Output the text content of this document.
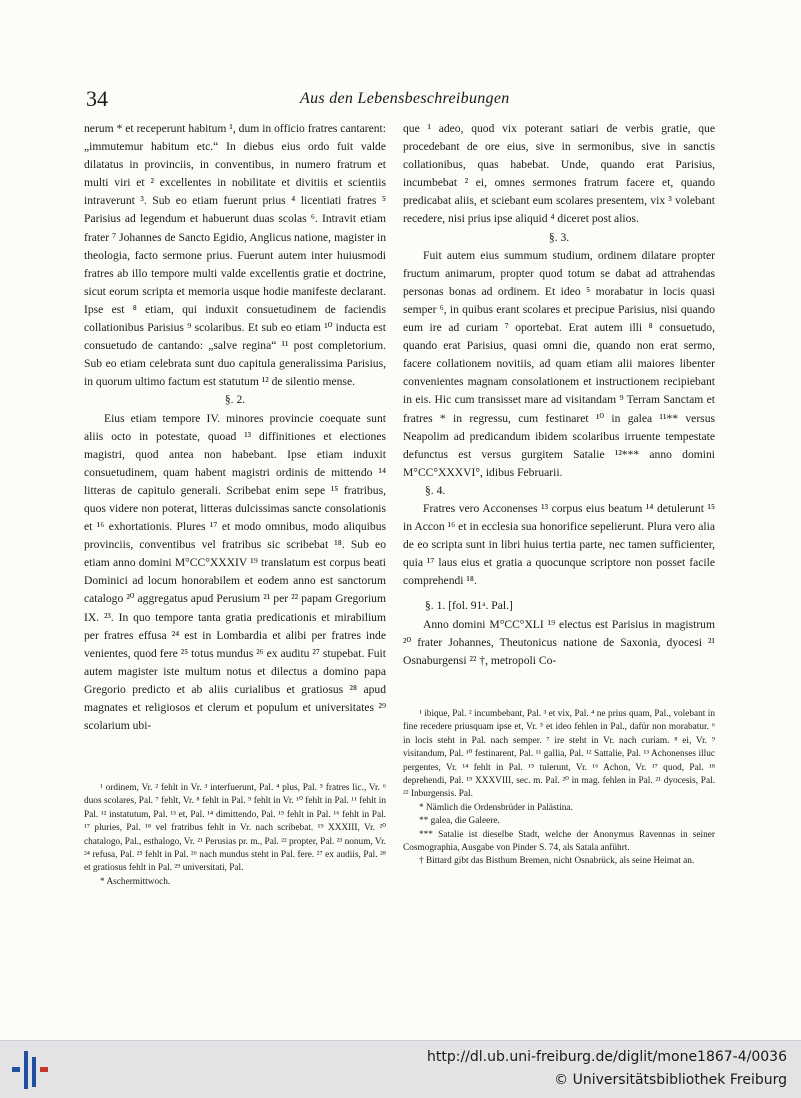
34	Aus den Lebensbeschreibungen

nerum * et receperunt habitum ¹, dum in officio fratres cantarent: „immutemur habitum etc.“ In diebus eius ordo fuit valde dilatatus in provinciis, in conventibus, in numero fratrum et multi viri et ² excellentes in nobilitate et divitiis et scientiis intraverunt ³. Sub eo etiam fuerunt prius ⁴ licentiati fratres ⁵ Parisius ad legendum et habuerunt duas scolas ⁶. Intravit etiam frater ⁷ Johannes de Sancto Egidio, Anglicus natione, magister in theologia, facto sermone prius. Fuerunt autem inter huiusmodi fratres ab illo tempore multi valde excellentis gratie et doctrine, sicut eorum scripta et memoria usque hodie manifeste declarant. Ipse est ⁸ etiam, qui induxit consuetudinem de faciendis collationibus Parisius ⁹ scolaribus. Et sub eo etiam ¹⁰ inducta est consuetudo de cantando: „salve regina“ ¹¹ post completorium. Sub eo etiam celebrata sunt duo capitula generalissima Parisius, in quorum ultimo factum est statutum ¹² de silentio mense.

§. 2.

Eius etiam tempore IV. minores provincie coequate sunt aliis octo in potestate, quoad ¹³ diffinitiones et electiones magistri, quod antea non habebant. Ipse etiam induxit consuetudinem, quam habent magistri ordinis de mittendo ¹⁴ litteras de capitulo generali. Scribebat enim sepe ¹⁵ fratribus, quos videre non poterat, litteras dulcissimas sancte consolationis et ¹⁶ exhortationis. Plures ¹⁷ et modo omnibus, modo aliquibus provinciis, conventibus vel fratribus sic scribebat ¹⁸. Sub eo etiam anno domini M°CC°XXXIV ¹⁹ translatum est corpus beati Dominici ad locum honorabilem et eodem anno est sanctorum catalogo ²⁰ aggregatus apud Perusium ²¹ per ²² papam Gregorium IX. ²³. In quo tempore tanta gratia predicationis et mirabilium per fratres effusa ²⁴ est in Lombardia et alibi per fratres inde venientes, quod fere ²⁵ totus mundus ²⁶ ex auditu ²⁷ stupebat. Fuit autem magister iste multum notus et dilectus a domino papa Gregorio predicto et ab aliis curialibus et gratiosus ²⁸ apud magnates et religiosos et clerum et populum et universitates ²⁹ scolarium ubi-

que ¹ adeo, quod vix poterant satiari de verbis gratie, que procedebant de ore eius, sive in sermonibus, sive in sanctis collationibus, quas habebat. Unde, quando erat Parisius, incumbebat ² ei, omnes sermones fratrum facere et, quando predicabat aliis, et sciebant eum scolares presentem, vix ³ volebant recedere, nisi prius ipse aliquid ⁴ diceret post alios.

§. 3.

Fuit autem eius summum studium, ordinem dilatare propter fructum animarum, propter quod totum se dabat ad attrahendas personas bonas ad ordinem. Et ideo ⁵ morabatur in locis quasi semper ⁶, in quibus erant scolares et precipue Parisius, nisi quando eum ire ad curiam ⁷ oportebat. Erat autem illi ⁸ consuetudo, quando erat Parisius, quasi omni die, quando non erat sermo, facere collationem novitiis, ad quam etiam alii maiores libenter convenientes magnam consolationem et instructionem recipiebant in eis. Hic cum transisset mare ad visitandam ⁹ Terram Sanctam et fratres * in regressu, cum festinaret ¹⁰ in galea ¹¹** versus Neapolim ad predicandum ibidem scolaribus irruente tempestate defunctus est versus gurgitem Satalie ¹²*** anno domini M°CC°XXXVI°, idibus Februarii.

§. 4.

Fratres vero Acconenses ¹³ corpus eius beatum ¹⁴ detulerunt ¹⁵ in Accon ¹⁶ et in ecclesia sua honorifice sepelierunt. Plura vero alia de eo scripta sunt in libri huius tertia parte, nec tamen sufficienter, quia ¹⁷ laus eius et gratia a quocunque scriptore non posset facile comprehendi ¹⁸.

§. 1. [fol. 91ᵃ. Pal.]

Anno domini M°CC°XLI ¹⁹ electus est Parisius in magistrum ²⁰ frater Johannes, Theutonicus natione de Saxonia, dyocesi ²¹ Osnaburgensi ²² †, metropoli Co-

¹ ordinem, Vr. ² fehlt in Vr. ³ interfuerunt, Pal. ⁴ plus, Pal. ⁵ fratres lic., Vr. ⁶ duos scolares, Pal. ⁷ fehlt, Vr. ⁸ fehlt in Pal. ⁹ fehlt in Vr. ¹⁰ fehlt in Pal. ¹¹ fehlt in Pal. ¹² instatutum, Pal. ¹³ et, Pal. ¹⁴ dimittendo, Pal. ¹⁵ fehlt in Pal. ¹⁶ fehlt in Pal. ¹⁷ pluries, Pal. ¹⁸ vel fratribus fehlt in Vr. nach scribebat. ¹⁹ XXXIII, Vr. ²⁰ chatalogo, Pal., esthalogo, Vr. ²¹ Perusias pr. m., Pal. ²² propter, Pal. ²³ nonum, Vr. ²⁴ refusa, Pal. ²⁵ fehlt in Pal. ²⁶ nach mundus steht in Pal. fere. ²⁷ ex audiis, Pal. ²⁸ et gratiosus fehlt in Pal. ²⁹ universitati, Pal.

* Aschermittwoch.

¹ ibique, Pal. ² incumbebant, Pal. ³ et vix, Pal. ⁴ ne prius quam, Pal., volebant in fine recedere priusquam ipse et, Vr. ⁵ et ideo fehlen in Pal., dafür non morabatur. ⁶ in locis steht in Pal. nach semper. ⁷ ire steht in Vr. nach curiam. ⁸ ei, Vr. ⁹ visitandum, Pal. ¹⁰ festinarent, Pal. ¹¹ gallia, Pal. ¹² Sattalie, Pal. ¹³ Achonenses illuc pergentes, Vr. ¹⁴ fehlt in Pal. ¹⁵ tulerunt, Vr. ¹⁶ Achon, Vr. ¹⁷ quod, Pal. ¹⁸ deprehendi, Pal. ¹⁹ XXXVIII, sec. m. Pal. ²⁰ in mag. fehlen in Pal. ²¹ dyocesis, Pal. ²² Inburgensis. Pal.

* Nämlich die Ordensbrüder in Palästina.

** galea, die Galeere.

*** Satalie ist dieselbe Stadt, welche der Anonymus Ravennas in seiner Cosmographia, Ausgabe von Pinder S. 74, als Satala anführt.

† Bittard gibt das Bisthum Bremen, nicht Osnabrück, als seine Heimat an.

http://dl.ub.uni-freiburg.de/diglit/mone1867-4/0036
© Universitätsbibliothek Freiburg
